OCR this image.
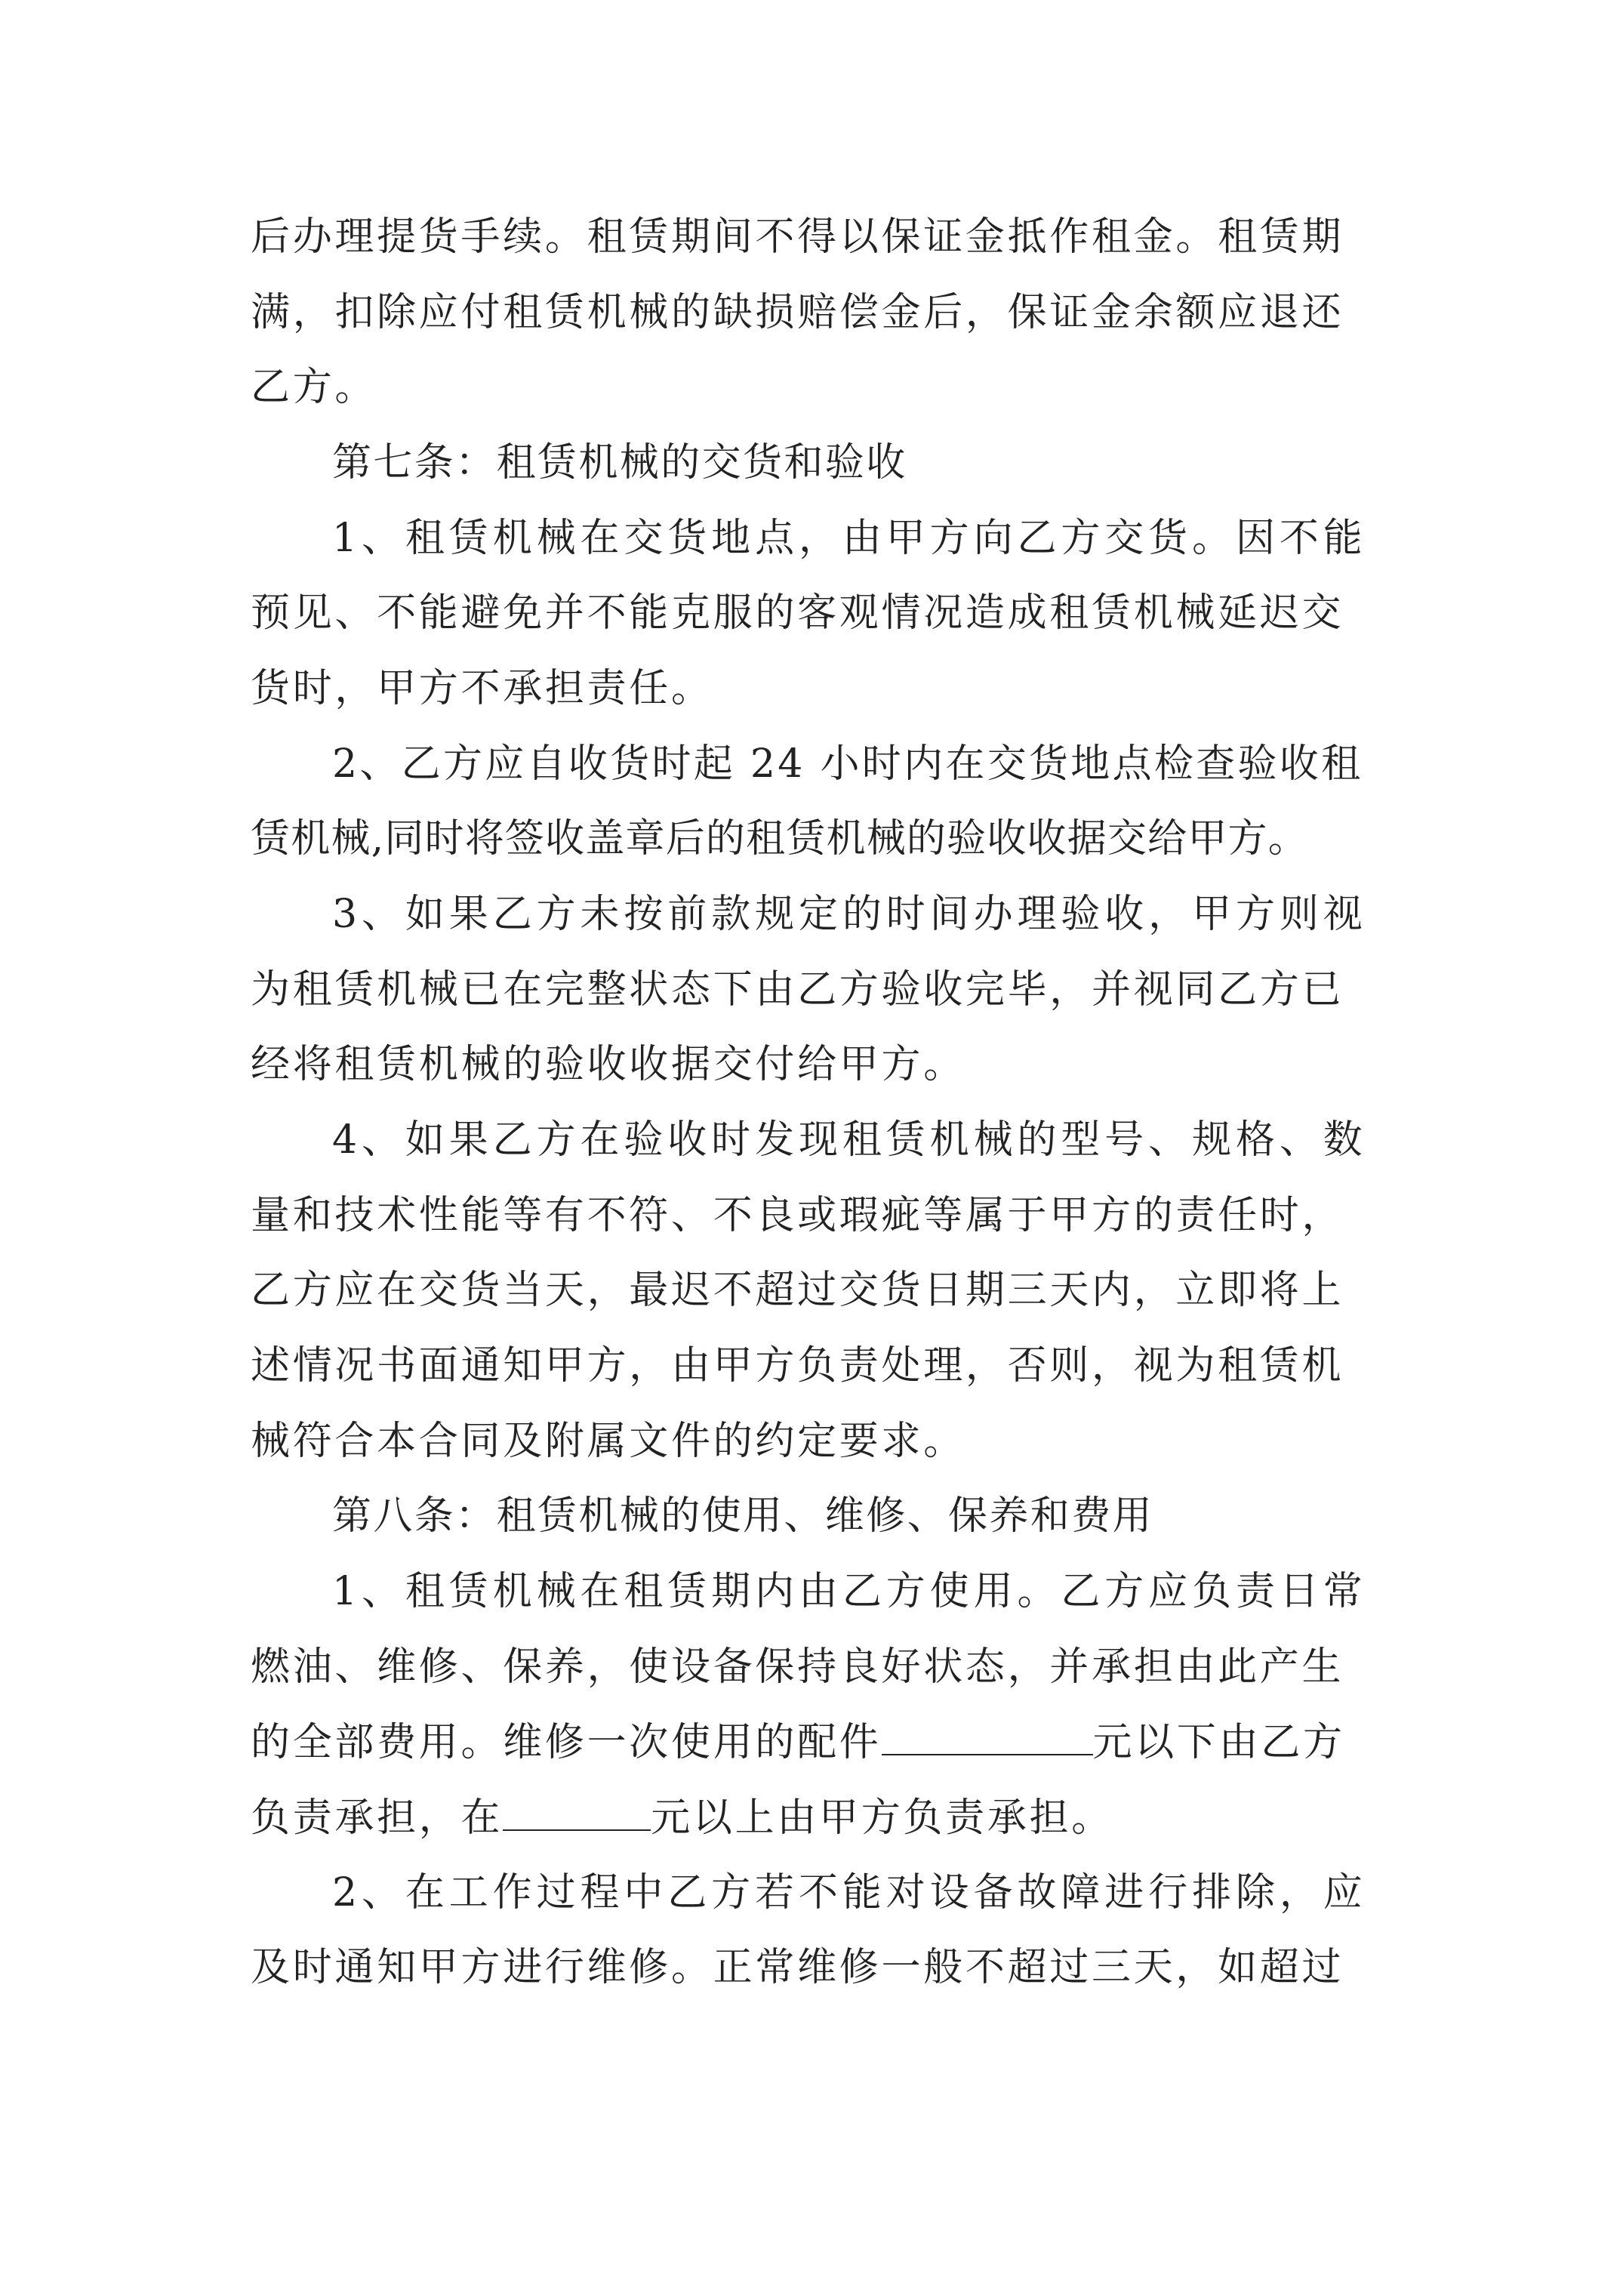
后办理提货手续。租赁期间不得以保证金抵作租金。租赁期
满，扣除应付租赁机械的缺损赔偿金后，保证金余额应退还
乙方。
第七条：租赁机械的交货和验收
1、租赁机械在交货地点，由甲方向乙方交货。因不能
预见、不能避免并不能克服的客观情况造成租赁机械延迟交
货时，甲方不承担责任。
2、乙方应自收货时起 24 小时内在交货地点检查验收租
赁机械,同时将签收盖章后的租赁机械的验收收据交给甲方。
3、如果乙方未按前款规定的时间办理验收，甲方则视
为租赁机械已在完整状态下由乙方验收完毕，并视同乙方已
经将租赁机械的验收收据交付给甲方。
4、如果乙方在验收时发现租赁机械的型号、规格、数
量和技术性能等有不符、不良或瑕疵等属于甲方的责任时，
乙方应在交货当天，最迟不超过交货日期三天内，立即将上
述情况书面通知甲方，由甲方负责处理，否则，视为租赁机
械符合本合同及附属文件的约定要求。
第八条：租赁机械的使用、维修、保养和费用
1、租赁机械在租赁期内由乙方使用。乙方应负责日常
燃油、维修、保养，使设备保持良好状态，并承担由此产生
的全部费用。维修一次使用的配件	元以下由乙方
负责承担，在	元以上由甲方负责承担。
2、在工作过程中乙方若不能对设备故障进行排除，应
及时通知甲方进行维修。正常维修一般不超过三天，如超过
